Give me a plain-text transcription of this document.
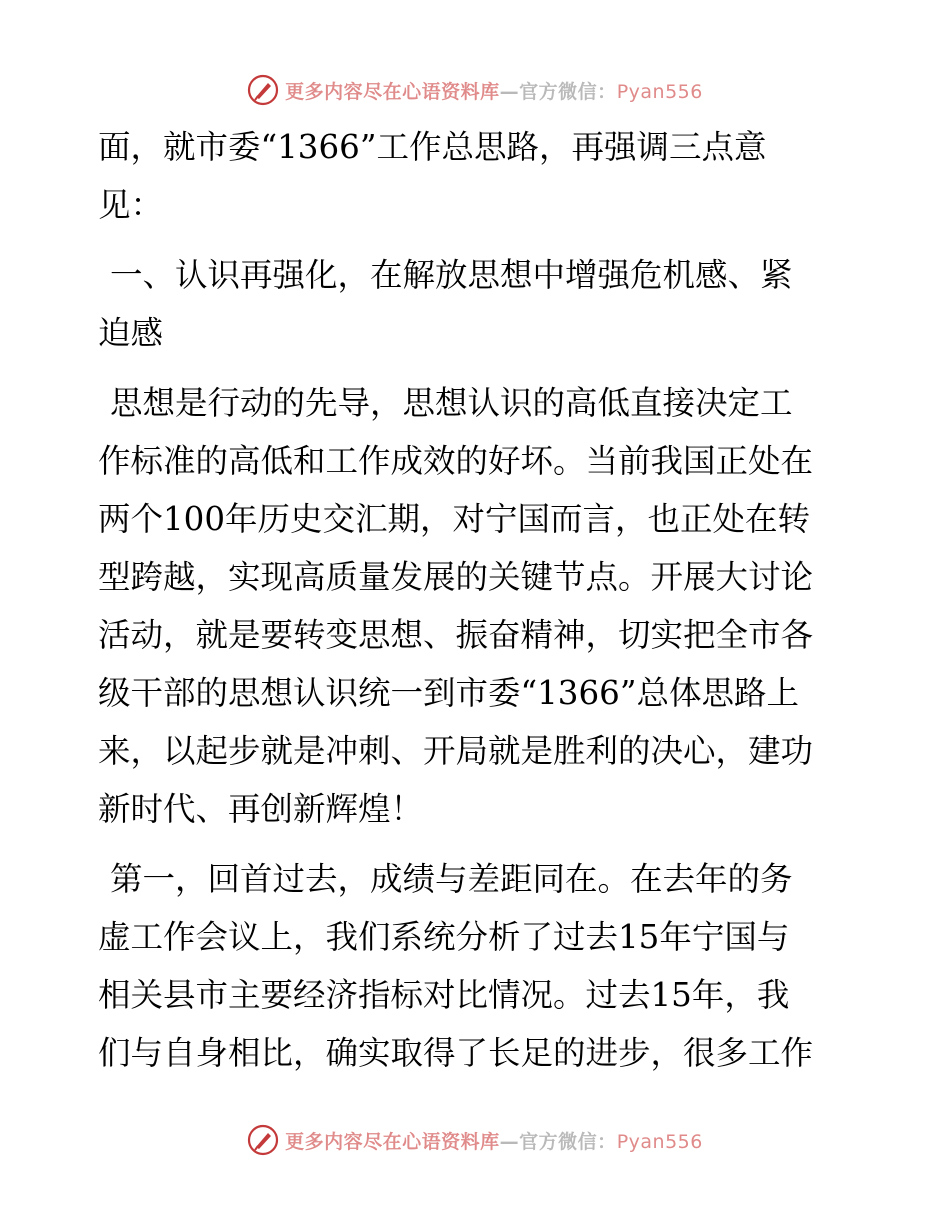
更多内容尽在心语资料库—官方微信：Pyan556
面，就市委“1366”工作总思路，再强调三点意
见：
一、认识再强化，在解放思想中增强危机感、紧
迫感
思想是行动的先导，思想认识的高低直接决定工
作标准的高低和工作成效的好坏。当前我国正处在
两个100年历史交汇期，对宁国而言，也正处在转
型跨越，实现高质量发展的关键节点。开展大讨论
活动，就是要转变思想、振奋精神，切实把全市各
级干部的思想认识统一到市委“1366”总体思路上
来，以起步就是冲刺、开局就是胜利的决心，建功
新时代、再创新辉煌！
第一，回首过去，成绩与差距同在。在去年的务
虚工作会议上，我们系统分析了过去15年宁国与
相关县市主要经济指标对比情况。过去15年，我
们与自身相比，确实取得了长足的进步，很多工作
更多内容尽在心语资料库—官方微信：Pyan556
